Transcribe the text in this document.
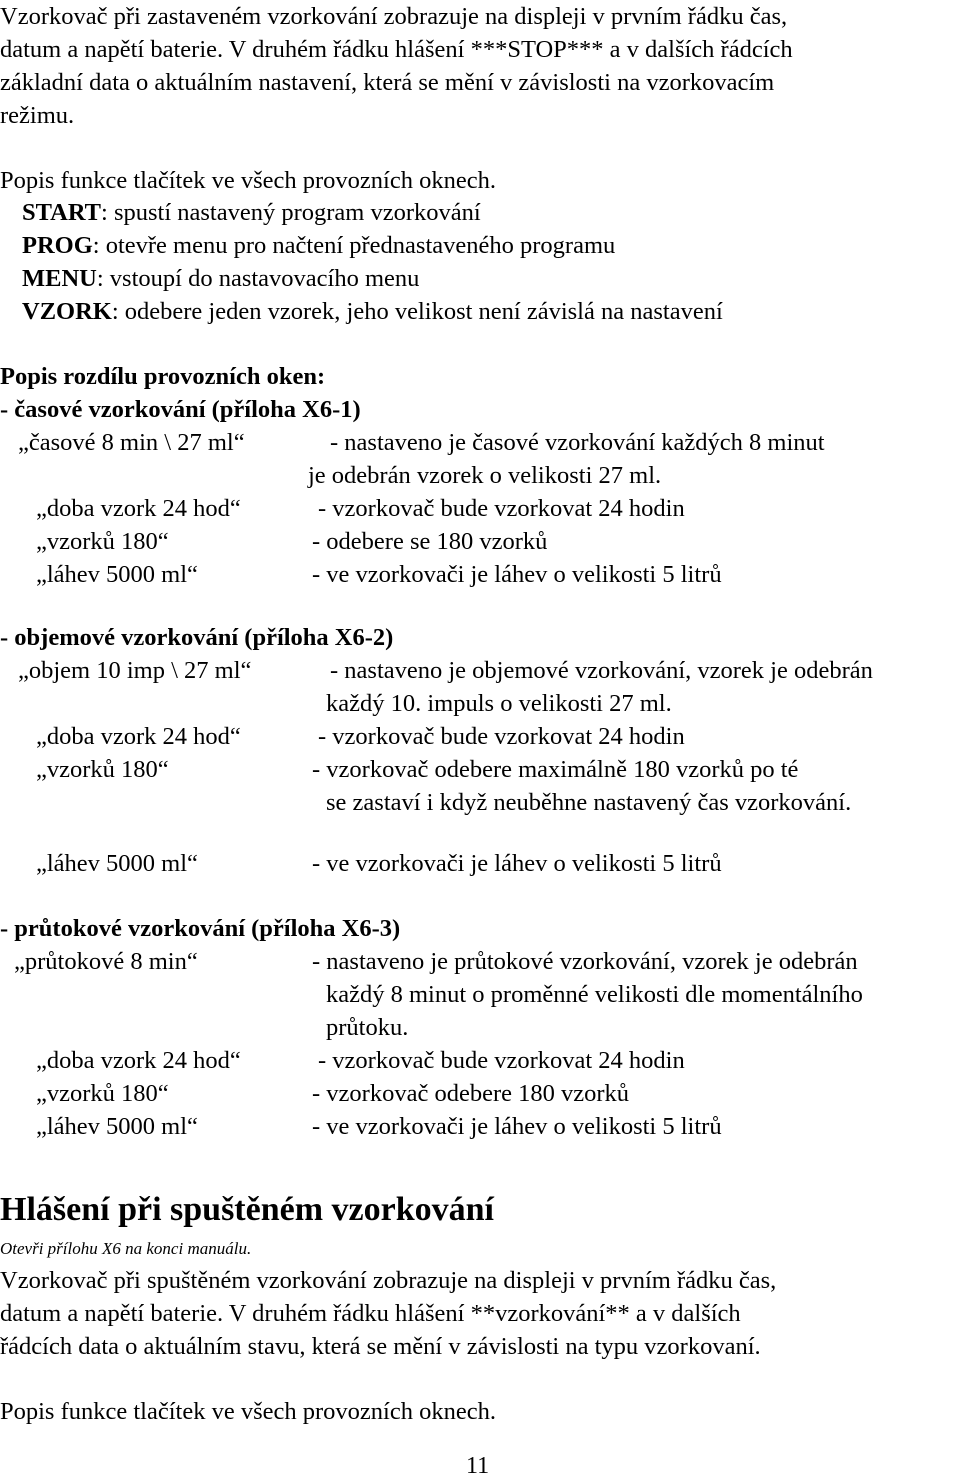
Vzorkovač při zastaveném vzorkování zobrazuje na displeji v prvním řádku čas,
datum a napětí baterie. V druhém řádku hlášení ***STOP*** a v dalších řádcích
základní data o aktuálním nastavení, která se mění v závislosti na vzorkovacím
režimu.
Popis funkce tlačítek ve všech provozních oknech.
START: spustí nastavený program vzorkování
PROG: otevře menu pro načtení přednastaveného programu
MENU: vstoupí do nastavovacího menu
VZORK: odebere jeden vzorek, jeho velikost není závislá na nastavení
Popis rozdílu provozních oken:
- časové vzorkování (příloha X6-1)
„časové 8 min \ 27 ml“	- nastaveno je časové vzorkování každých 8 minut
je odebrán vzorek o velikosti 27 ml.
„doba vzork 24 hod“	- vzorkovač bude vzorkovat 24 hodin
„vzorků 180“	- odebere se 180 vzorků
„láhev 5000 ml“	- ve vzorkovači je láhev o velikosti 5 litrů
- objemové vzorkování (příloha X6-2)
„objem 10 imp \ 27 ml“	- nastaveno je objemové vzorkování, vzorek je odebrán
každý 10. impuls o velikosti 27 ml.
„doba vzork 24 hod“	- vzorkovač bude vzorkovat 24 hodin
„vzorků 180“	- vzorkovač odebere maximálně 180 vzorků po té
se zastaví i když neuběhne nastavený čas vzorkování.
„láhev 5000 ml“	- ve vzorkovači je láhev o velikosti 5 litrů
- průtokové vzorkování (příloha X6-3)
„průtokové 8 min“	- nastaveno je průtokové vzorkování, vzorek je odebrán
každý 8 minut o proměnné velikosti dle momentálního
průtoku.
„doba vzork 24 hod“	- vzorkovač bude vzorkovat 24 hodin
„vzorků 180“	- vzorkovač odebere 180 vzorků
„láhev 5000 ml“	- ve vzorkovači je láhev o velikosti 5 litrů
Hlášení při spuštěném vzorkování
Otevři přílohu X6 na konci manuálu.
Vzorkovač při spuštěném vzorkování zobrazuje na displeji v prvním řádku čas,
datum a napětí baterie. V druhém řádku hlášení **vzorkování** a v dalších
řádcích data o aktuálním stavu, která se mění v závislosti na typu vzorkovaní.
Popis funkce tlačítek ve všech provozních oknech.
11
